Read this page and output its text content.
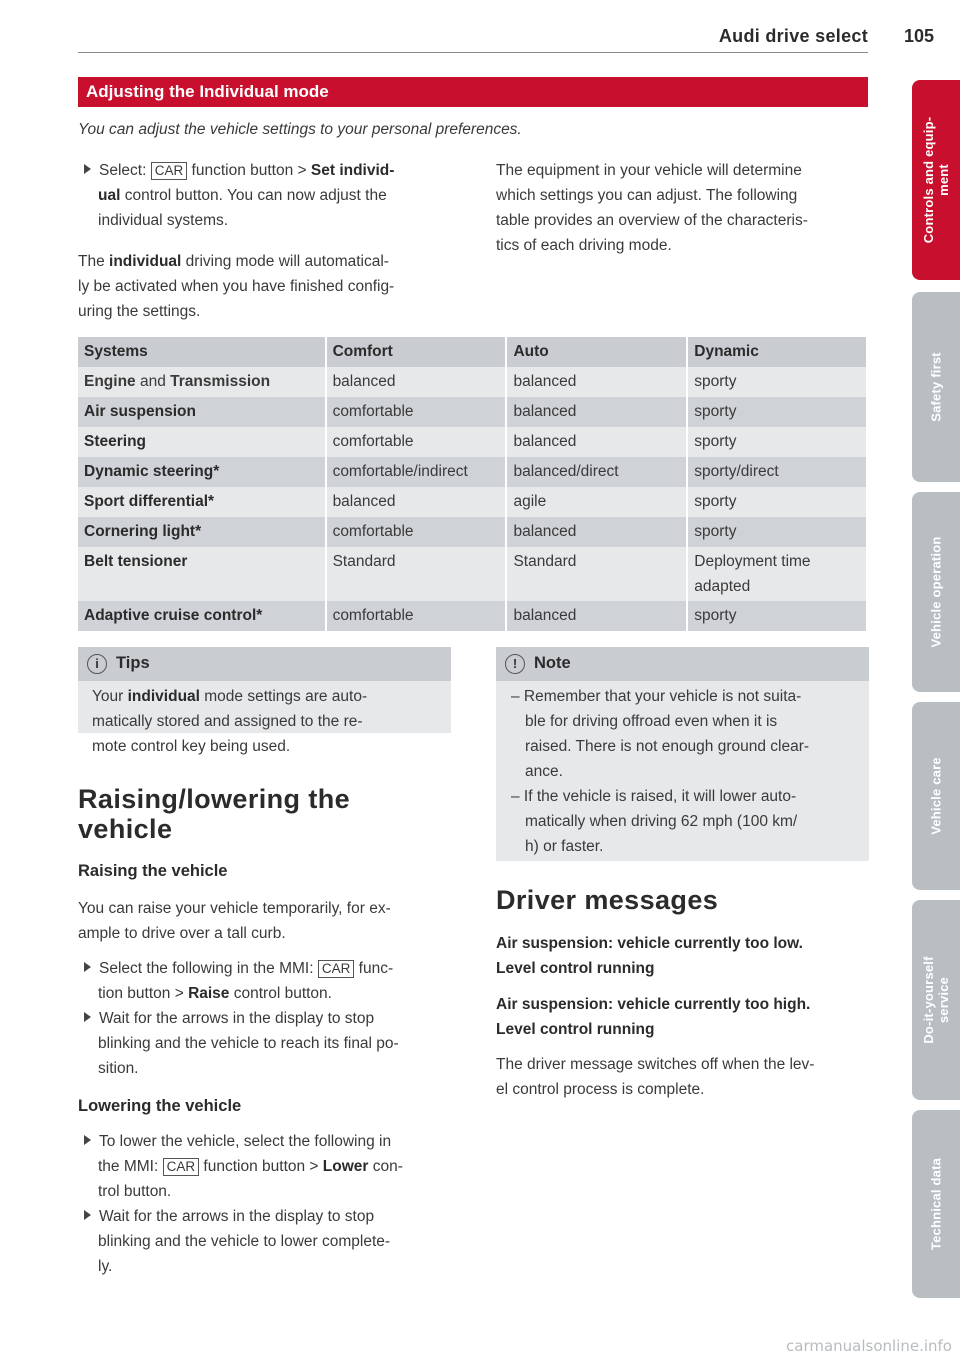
Audi drive select 105
Adjusting the Individual mode
You can adjust the vehicle settings to your personal preferences.
Select: CAR function button > Set individ-
ual control button. You can now adjust the
individual systems.
The individual driving mode will automatical-
ly be activated when you have finished config-
uring the settings.
The equipment in your vehicle will determine
which settings you can adjust. The following
table provides an overview of the characteris-
tics of each driving mode.
Systems	Comfort	Auto	Dynamic
Engine and Transmission	balanced	balanced	sporty
Air suspension	comfortable	balanced	sporty
Steering	comfortable	balanced	sporty
Dynamic steering*	comfortable/indirect	balanced/direct	sporty/direct
Sport differential*	balanced	agile	sporty
Cornering light*	comfortable	balanced	sporty
Belt tensioner	Standard	Standard	Deployment time
adapted

Adaptive cruise control*	comfortable	balanced	sporty
i	Tips
Your individual mode settings are auto-
matically stored and assigned to the re-
mote control key being used.
!	Note
– Remember that your vehicle is not suita-
ble for driving offroad even when it is
raised. There is not enough ground clear-
ance.
– If the vehicle is raised, it will lower auto-
matically when driving 62 mph (100 km/
h) or faster.
Raising/lowering the
vehicle
Raising the vehicle
You can raise your vehicle temporarily, for ex-
ample to drive over a tall curb.
Select the following in the MMI: CAR func-
tion button > Raise control button.
Wait for the arrows in the display to stop
blinking and the vehicle to reach its final po-
sition.
Lowering the vehicle
To lower the vehicle, select the following in
the MMI: CAR function button > Lower con-
trol button.
Wait for the arrows in the display to stop
blinking and the vehicle to lower complete-
ly.
Driver messages
Air suspension: vehicle currently too low.
Level control running
Air suspension: vehicle currently too high.
Level control running
The driver message switches off when the lev-
el control process is complete.
Controls and equip- ment
Safety first
Vehicle operation
Vehicle care
Do-it-yourself service
Technical data
carmanualsonline.info
